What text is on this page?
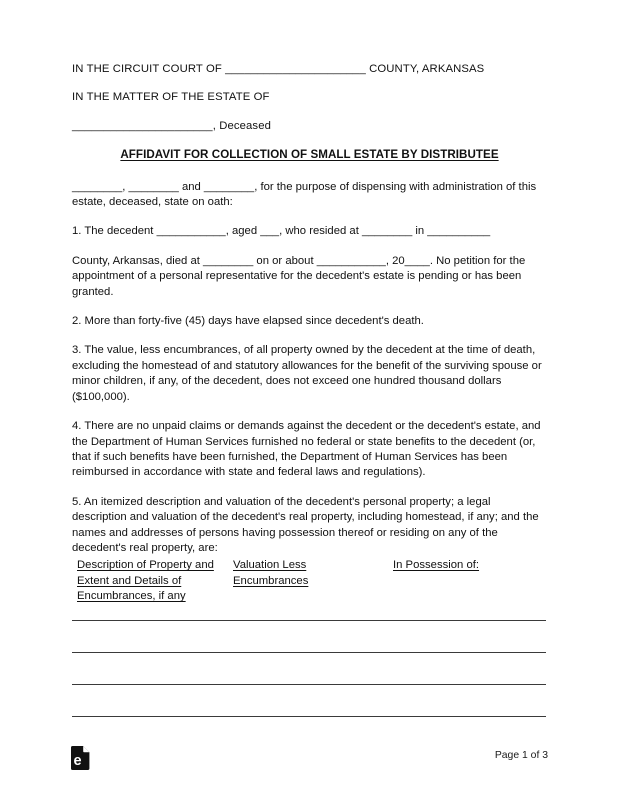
IN THE CIRCUIT COURT OF ______________________ COUNTY, ARKANSAS
IN THE MATTER OF THE ESTATE OF
______________________, Deceased
AFFIDAVIT FOR COLLECTION OF SMALL ESTATE BY DISTRIBUTEE
________, ________ and ________, for the purpose of dispensing with administration of this estate, deceased, state on oath:
1. The decedent ___________, aged ___, who resided at ________ in __________
County, Arkansas, died at ________ on or about ___________, 20____. No petition for the appointment of a personal representative for the decedent's estate is pending or has been granted.
2. More than forty-five (45) days have elapsed since decedent's death.
3. The value, less encumbrances, of all property owned by the decedent at the time of death, excluding the homestead of and statutory allowances for the benefit of the surviving spouse or minor children, if any, of the decedent, does not exceed one hundred thousand dollars ($100,000).
4. There are no unpaid claims or demands against the decedent or the decedent's estate, and the Department of Human Services furnished no federal or state benefits to the decedent (or, that if such benefits have been furnished, the Department of Human Services has been reimbursed in accordance with state and federal laws and regulations).
5. An itemized description and valuation of the decedent's personal property; a legal description and valuation of the decedent's real property, including homestead, if any; and the names and addresses of persons having possession thereof or residing on any of the decedent's real property, are:
Description of Property and Extent and Details of Encumbrances, if any
Valuation Less Encumbrances
In Possession of:
e	Page 1 of 3
